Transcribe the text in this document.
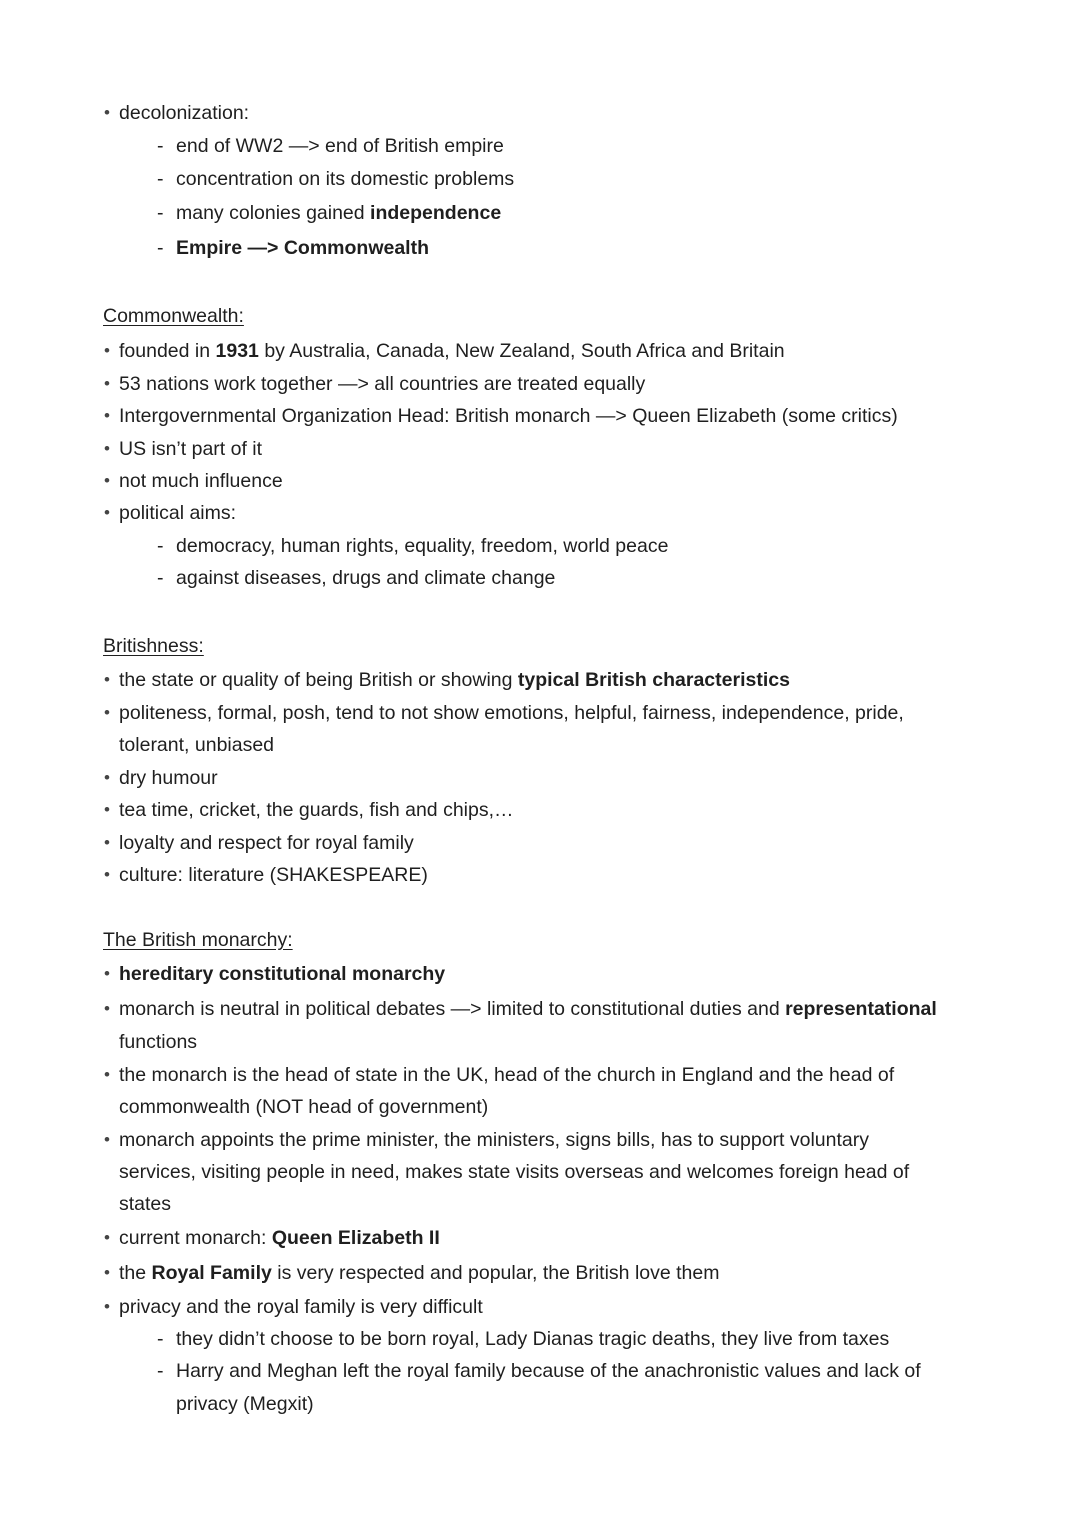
• decolonization:
- end of WW2 —> end of British empire
- concentration on its domestic problems
- many colonies gained independence
- Empire —> Commonwealth
Commonwealth:
• founded in 1931 by Australia, Canada, New Zealand, South Africa and Britain
• 53 nations work together —> all countries are treated equally
• Intergovernmental Organization Head: British monarch —> Queen Elizabeth (some critics)
• US isn’t part of it
• not much influence
• political aims:
- democracy, human rights, equality, freedom, world peace
- against diseases, drugs and climate change
Britishness:
• the state or quality of being British or showing typical British characteristics
• politeness, formal, posh, tend to not show emotions, helpful, fairness, independence, pride,
tolerant, unbiased
• dry humour
• tea time, cricket, the guards, fish and chips,…
• loyalty and respect for royal family
• culture: literature (SHAKESPEARE)
The British monarchy:
• hereditary constitutional monarchy
• monarch is neutral in political debates —> limited to constitutional duties and representational
functions
• the monarch is the head of state in the UK, head of the church in England and the head of
commonwealth (NOT head of government)
• monarch appoints the prime minister, the ministers, signs bills, has to support voluntary
services, visiting people in need, makes state visits overseas and welcomes foreign head of
states
• current monarch: Queen Elizabeth II
• the Royal Family is very respected and popular, the British love them
• privacy and the royal family is very difficult
- they didn’t choose to be born royal, Lady Dianas tragic deaths, they live from taxes
- Harry and Meghan left the royal family because of the anachronistic values and lack of
privacy (Megxit)
